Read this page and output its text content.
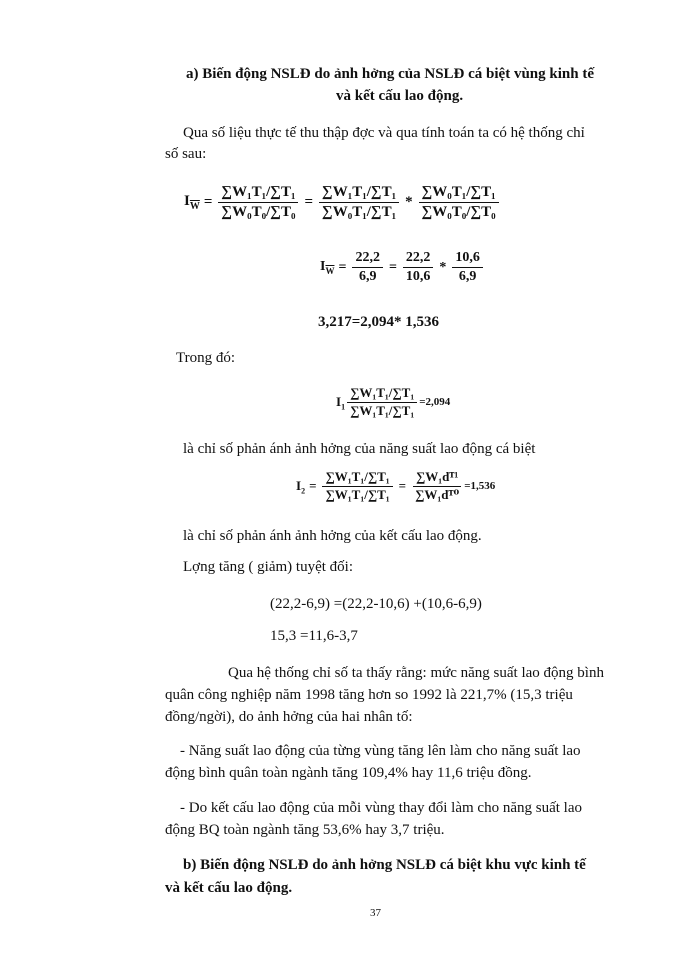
a) Biến động NSLĐ do ảnh hởng của NSLĐ cá biệt vùng kinh tế
và kết cấu lao động.
Qua số liệu thực tế thu thập đợc và qua tính toán ta có hệ thống chỉ
số sau:
$I_{\overline{W}} = \frac{\text{∑W₁T₁/∑T₁}}{\text{∑W₀T₀/∑T₀}} = \frac{\text{∑W₁T₁/∑T₁}}{\text{∑W₀T₁/∑T₁}} * \frac{\text{∑W₀T₁/∑T₁}}{\text{∑W₀T₀/∑T₀}}$
$I_{\overline{W}} = \frac{22,2}{6,9} = \frac{22,2}{10,6} * \frac{10,6}{6,9}$
3,217=2,094* 1,536
Trong đó:
$I_1 \frac{\text{∑W₁T₁/∑T₁}}{\text{∑W₁T₁/∑T₁}} =2,094$
là chỉ số phản ánh ảnh hởng của năng suất lao động cá biệt
$I_2 = \frac{\text{∑W₁T₁/∑T₁}}{\text{∑W₁T₁/∑T₁}} = \frac{\text{∑W₁dᵀ¹}}{\text{∑W₁dᵀ⁰}} =1,536$
là chỉ số phản ánh ảnh hởng của kết cấu lao động.
Lợng tăng ( giảm) tuyệt đối:
(22,2-6,9) =(22,2-10,6) +(10,6-6,9)
15,3 =11,6-3,7
Qua hệ thống chỉ số ta thấy rằng: mức năng suất lao động bình
quân công nghiệp năm 1998 tăng hơn so 1992 là 221,7% (15,3 triệu
đồng/ngời), do ảnh hởng của hai nhân tố:
- Năng suất lao động của từng vùng tăng lên làm cho năng suất lao
động bình quân toàn ngành tăng 109,4% hay 11,6 triệu đồng.
- Do kết cấu lao động của mỗi vùng thay đổi làm cho năng suất lao
động BQ toàn ngành tăng 53,6% hay 3,7 triệu.
b) Biến động NSLĐ do ảnh hởng NSLĐ cá biệt khu vực kinh tế
và kết cấu lao động.
37
